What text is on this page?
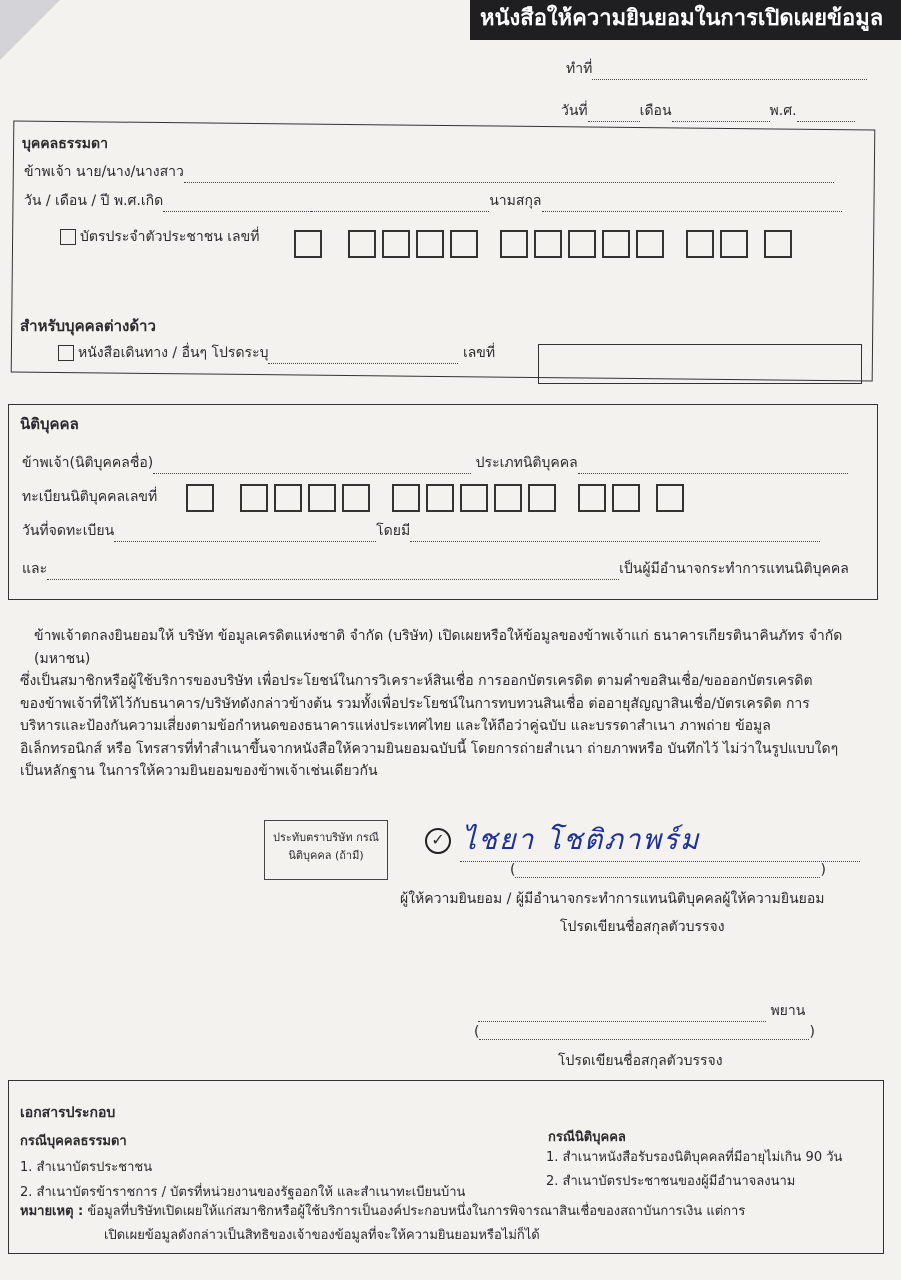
หนังสือให้ความยินยอมในการเปิดเผยข้อมูล
ทำที่
วันที่	เดือน	พ.ศ.
บุคคลธรรมดา
ข้าพเจ้า นาย/นาง/นางสาว
วัน / เดือน / ปี พ.ศ.เกิด	นามสกุล
บัตรประจำตัวประชาชน เลขที่
สำหรับบุคคลต่างด้าว
หนังสือเดินทาง / อื่นๆ โปรดระบุ	เลขที่
นิติบุคคล
ข้าพเจ้า(นิติบุคคลชื่อ)	ประเภทนิติบุคคล
ทะเบียนนิติบุคคลเลขที่
วันที่จดทะเบียน	โดยมี
และ	เป็นผู้มีอำนาจกระทำการแทนนิติบุคคล

ข้าพเจ้าตกลงยินยอมให้ บริษัท ข้อมูลเครดิตแห่งชาติ จำกัด (บริษัท) เปิดเผยหรือให้ข้อมูลของข้าพเจ้าแก่ ธนาคารเกียรตินาคินภัทร จำกัด (มหาชน)

ซึ่งเป็นสมาชิกหรือผู้ใช้บริการของบริษัท เพื่อประโยชน์ในการวิเคราะห์สินเชื่อ การออกบัตรเครดิต ตามคำขอสินเชื่อ/ขอออกบัตรเครดิต

ของข้าพเจ้าที่ให้ไว้กับธนาคาร/บริษัทดังกล่าวข้างต้น รวมทั้งเพื่อประโยชน์ในการทบทวนสินเชื่อ ต่ออายุสัญญาสินเชื่อ/บัตรเครดิต การ

บริหารและป้องกันความเสี่ยงตามข้อกำหนดของธนาคารแห่งประเทศไทย และให้ถือว่าคู่ฉบับ และบรรดาสำเนา ภาพถ่าย ข้อมูล

อิเล็กทรอนิกส์ หรือ โทรสารที่ทำสำเนาขึ้นจากหนังสือให้ความยินยอมฉบับนี้ โดยการถ่ายสำเนา ถ่ายภาพหรือ บันทึกไว้ ไม่ว่าในรูปแบบใดๆ

เป็นหลักฐาน ในการให้ความยินยอมของข้าพเจ้าเช่นเดียวกัน

ประทับตราบริษัท กรณีนิติบุคคล (ถ้ามี)
✓ ไชยา โชติภาพร์ม
(	)
ผู้ให้ความยินยอม / ผู้มีอำนาจกระทำการแทนนิติบุคคลผู้ให้ความยินยอม
โปรดเขียนชื่อสกุลตัวบรรจง
พยาน
(	)
โปรดเขียนชื่อสกุลตัวบรรจง
เอกสารประกอบ
กรณีบุคคลธรรมดา
1. สำเนาบัตรประชาชน
2. สำเนาบัตรข้าราชการ / บัตรที่หน่วยงานของรัฐออกให้ และสำเนาทะเบียนบ้าน
กรณีนิติบุคคล
1. สำเนาหนังสือรับรองนิติบุคคลที่มีอายุไม่เกิน 90 วัน
2. สำเนาบัตรประชาชนของผู้มีอำนาจลงนาม
หมายเหตุ : ข้อมูลที่บริษัทเปิดเผยให้แก่สมาชิกหรือผู้ใช้บริการเป็นองค์ประกอบหนึ่งในการพิจารณาสินเชื่อของสถาบันการเงิน แต่การ
เปิดเผยข้อมูลดังกล่าวเป็นสิทธิของเจ้าของข้อมูลที่จะให้ความยินยอมหรือไม่ก็ได้
